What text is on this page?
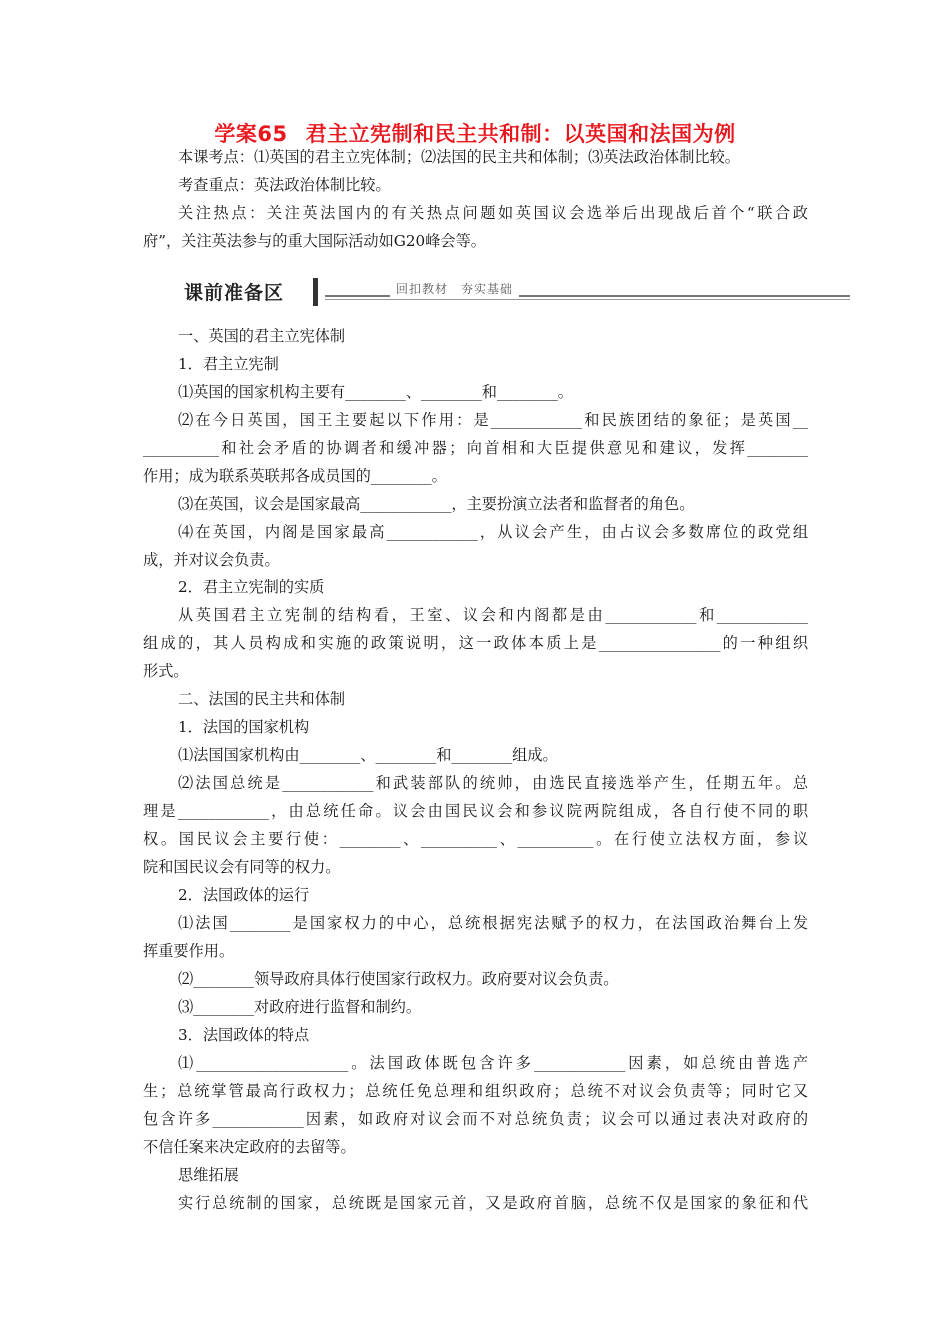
学案65 君主立宪制和民主共和制：以英国和法国为例
本课考点：⑴英国的君主立宪体制；⑵法国的民主共和体制；⑶英法政治体制比较。
考查重点：英法政治体制比较。
关注热点：关注英法国内的有关热点问题如英国议会选举后出现战后首个“联合政
府”，关注英法参与的重大国际活动如G20峰会等。
课前准备区	回扣教材　夯实基础
一、英国的君主立宪体制
1．君主立宪制
⑴英国的国家机构主要有________、________和________。
⑵在今日英国，国王主要起以下作用：是____________和民族团结的象征；是英国__
__________和社会矛盾的协调者和缓冲器；向首相和大臣提供意见和建议，发挥________
作用；成为联系英联邦各成员国的________。
⑶在英国，议会是国家最高____________，主要扮演立法者和监督者的角色。
⑷在英国，内阁是国家最高____________，从议会产生，由占议会多数席位的政党组
成，并对议会负责。
2．君主立宪制的实质
从英国君主立宪制的结构看，王室、议会和内阁都是由____________和____________
组成的，其人员构成和实施的政策说明，这一政体本质上是________________的一种组织
形式。
二、法国的民主共和体制
1．法国的国家机构
⑴法国国家机构由________、________和________组成。
⑵法国总统是____________和武装部队的统帅，由选民直接选举产生，任期五年。总
理是____________，由总统任命。议会由国民议会和参议院两院组成，各自行使不同的职
权。国民议会主要行使：________、__________、__________。在行使立法权方面，参议
院和国民议会有同等的权力。
2．法国政体的运行
⑴法国________是国家权力的中心，总统根据宪法赋予的权力，在法国政治舞台上发
挥重要作用。
⑵________领导政府具体行使国家行政权力。政府要对议会负责。
⑶________对政府进行监督和制约。
3．法国政体的特点
⑴____________________。法国政体既包含许多____________因素，如总统由普选产
生；总统掌管最高行政权力；总统任免总理和组织政府；总统不对议会负责等；同时它又
包含许多____________因素，如政府对议会而不对总统负责；议会可以通过表决对政府的
不信任案来决定政府的去留等。
思维拓展
实行总统制的国家，总统既是国家元首，又是政府首脑，总统不仅是国家的象征和代
